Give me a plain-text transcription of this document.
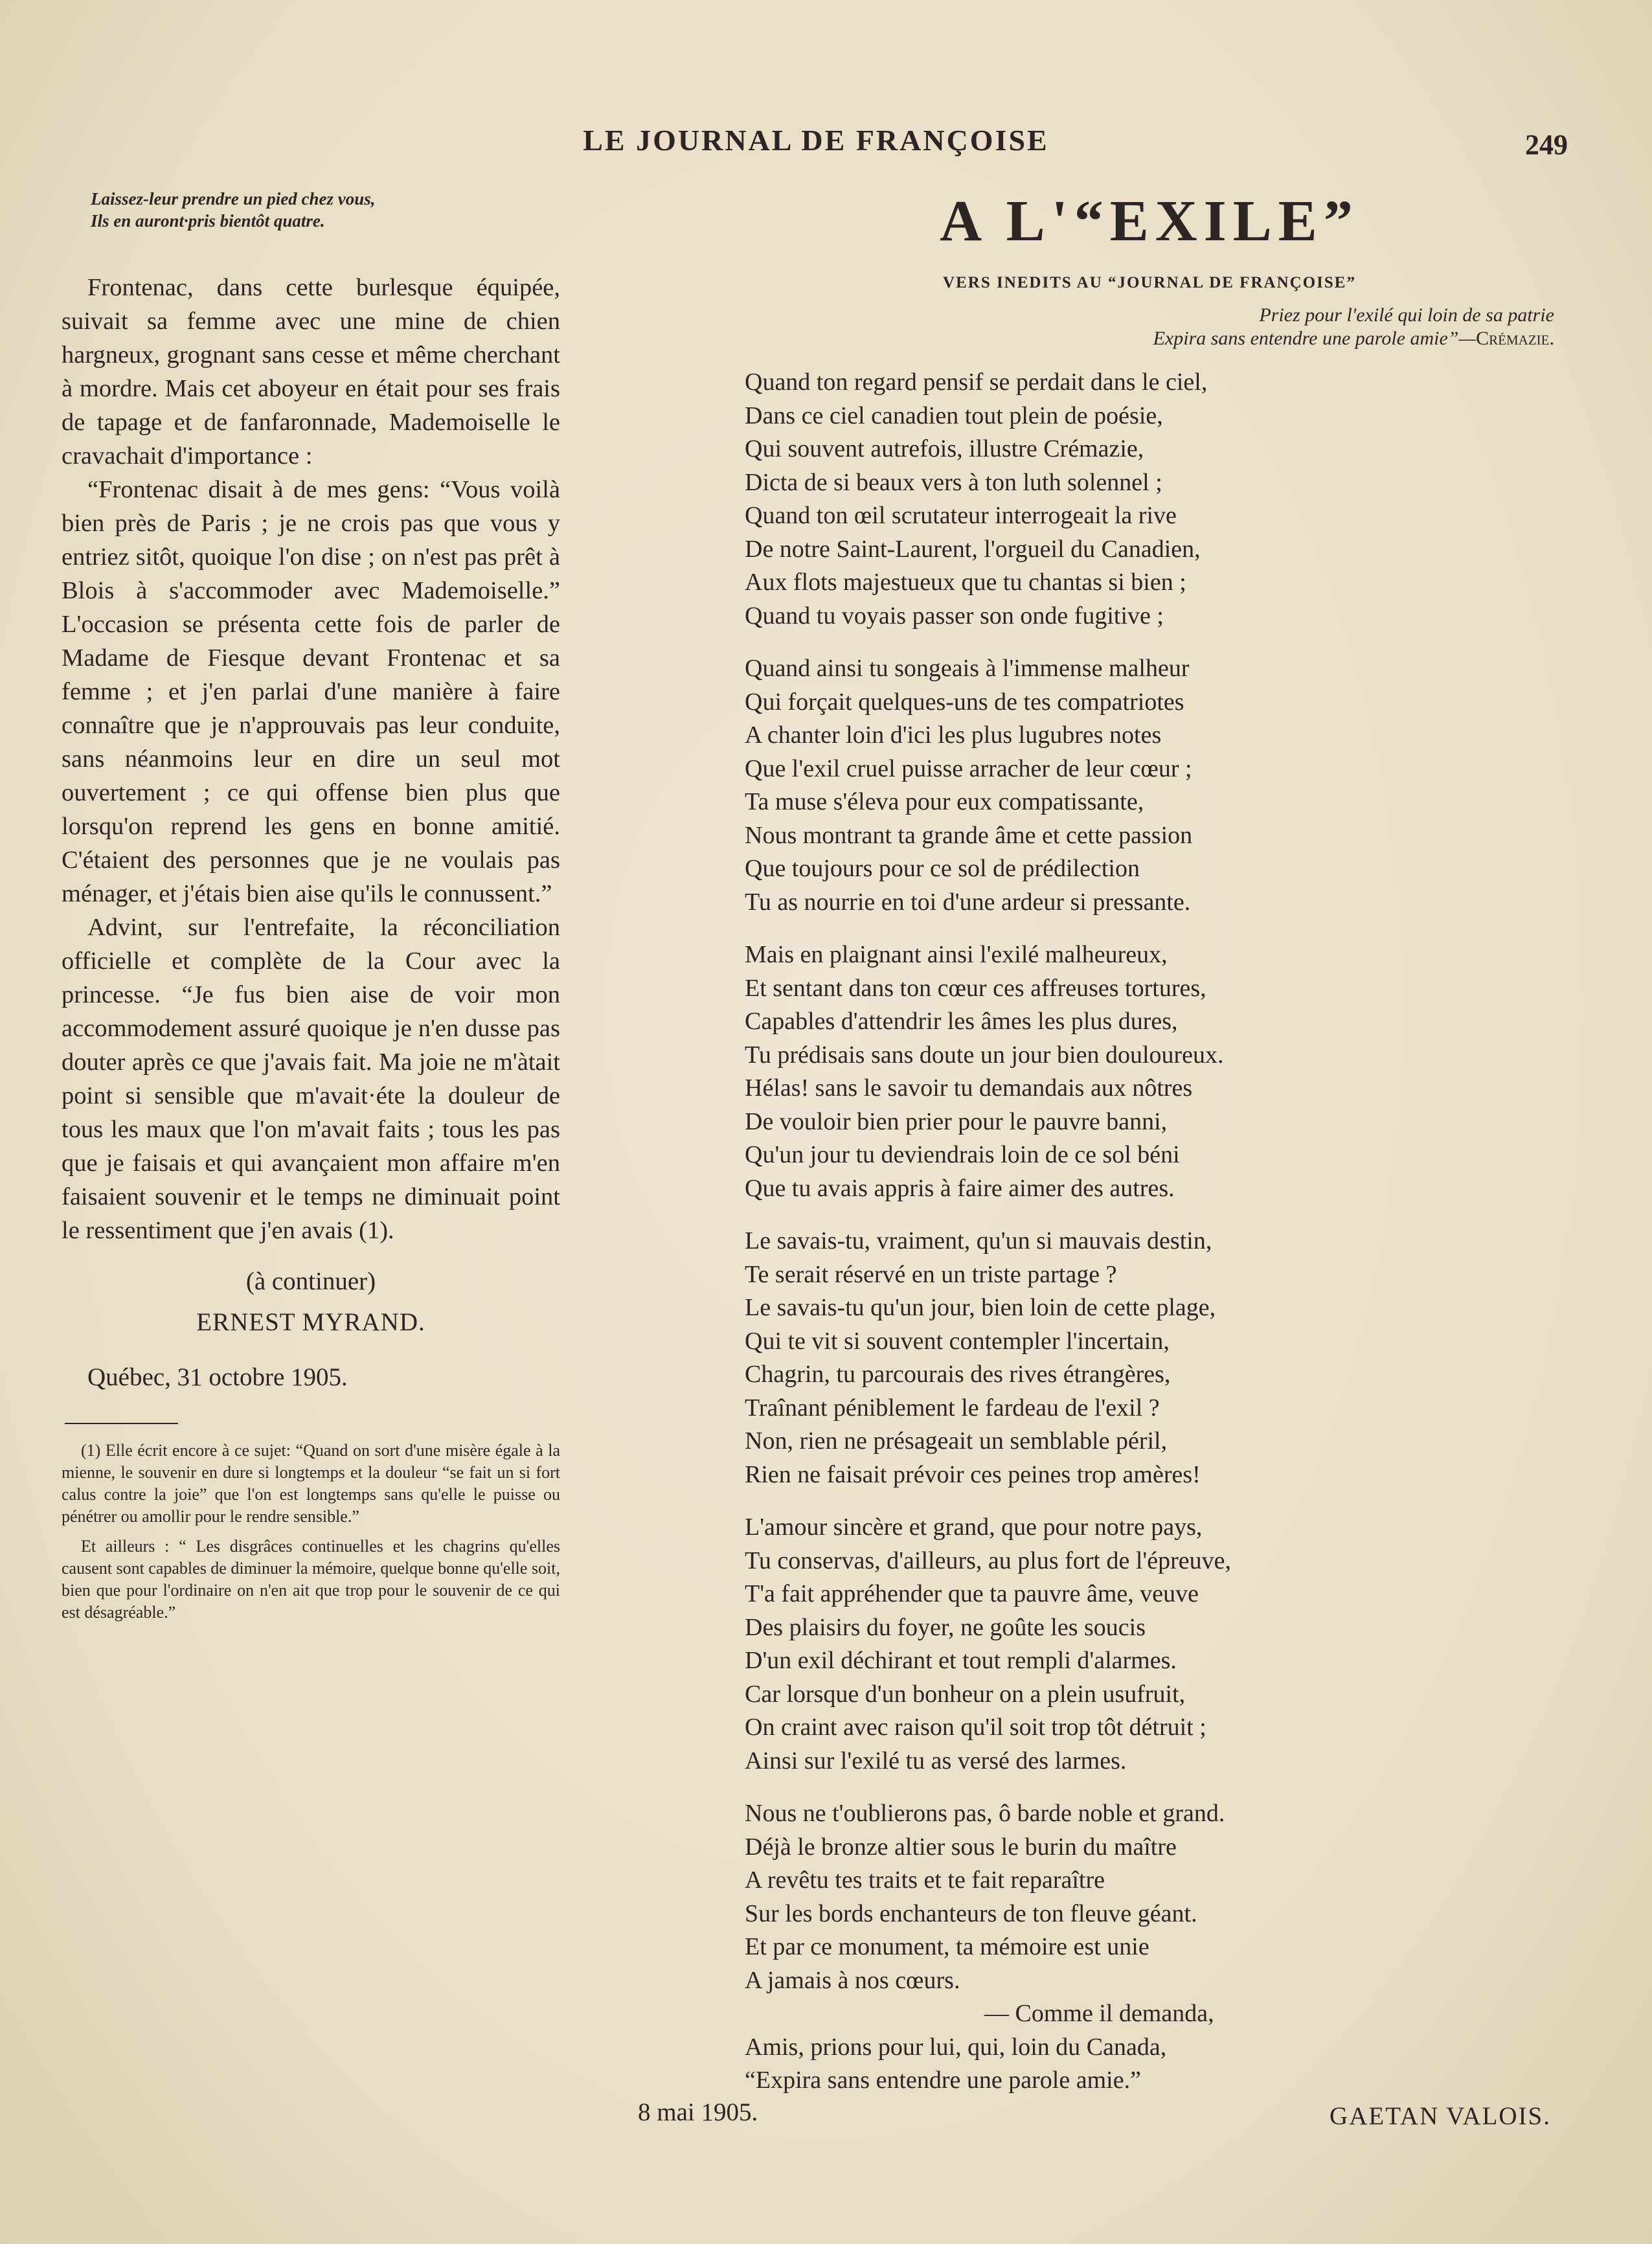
LE JOURNAL DE FRANÇOISE	249
Laissez-leur prendre un pied chez vous,
Ils en auront·pris bientôt quatre.

Frontenac, dans cette burlesque équipée, suivait sa femme avec une mine de chien hargneux, grognant sans cesse et même cherchant à mordre. Mais cet aboyeur en était pour ses frais de tapage et de fanfaronnade, Mademoiselle le cravachait d'importance :

“Frontenac disait à de mes gens: “Vous voilà bien près de Paris ; je ne crois pas que vous y entriez sitôt, quoique l'on dise ; on n'est pas prêt à Blois à s'accommoder avec Mademoiselle.” L'occasion se présenta cette fois de parler de Madame de Fiesque devant Frontenac et sa femme ; et j'en parlai d'une manière à faire connaître que je n'approuvais pas leur conduite, sans néanmoins leur en dire un seul mot ouvertement ; ce qui offense bien plus que lorsqu'on reprend les gens en bonne amitié. C'étaient des personnes que je ne voulais pas ménager, et j'étais bien aise qu'ils le connussent.”

Advint, sur l'entrefaite, la réconciliation officielle et complète de la Cour avec la princesse. “Je fus bien aise de voir mon accommodement assuré quoique je n'en dusse pas douter après ce que j'avais fait. Ma joie ne m'àtait point si sensible que m'avait·éte la douleur de tous les maux que l'on m'avait faits ; tous les pas que je faisais et qui avançaient mon affaire m'en faisaient souvenir et le temps ne diminuait point le ressentiment que j'en avais (1).

(à continuer)
ERNEST MYRAND.
Québec, 31 octobre 1905.

(1) Elle écrit encore à ce sujet: “Quand on sort d'une misère égale à la mienne, le souvenir en dure si longtemps et la douleur “se fait un si fort calus contre la joie” que l'on est longtemps sans qu'elle le puisse ou pénétrer ou amollir pour le rendre sensible.”

Et ailleurs : “ Les disgrâces continuelles et les chagrins qu'elles causent sont capables de diminuer la mémoire, quelque bonne qu'elle soit, bien que pour l'ordinaire on n'en ait que trop pour le souvenir de ce qui est désagréable.”

A L'“EXILE”
VERS INEDITS AU “JOURNAL DE FRANÇOISE”
Priez pour l'exilé qui loin de sa patrie
Expira sans entendre une parole amie”—Crémazie.
Quand ton regard pensif se perdait dans le ciel,
Dans ce ciel canadien tout plein de poésie,
Qui souvent autrefois, illustre Crémazie,
Dicta de si beaux vers à ton luth solennel ;
Quand ton œil scrutateur interrogeait la rive
De notre Saint-Laurent, l'orgueil du Canadien,
Aux flots majestueux que tu chantas si bien ;
Quand tu voyais passer son onde fugitive ;
Quand ainsi tu songeais à l'immense malheur
Qui forçait quelques-uns de tes compatriotes
A chanter loin d'ici les plus lugubres notes
Que l'exil cruel puisse arracher de leur cœur ;
Ta muse s'éleva pour eux compatissante,
Nous montrant ta grande âme et cette passion
Que toujours pour ce sol de prédilection
Tu as nourrie en toi d'une ardeur si pressante.
Mais en plaignant ainsi l'exilé malheureux,
Et sentant dans ton cœur ces affreuses tortures,
Capables d'attendrir les âmes les plus dures,
Tu prédisais sans doute un jour bien douloureux.
Hélas! sans le savoir tu demandais aux nôtres
De vouloir bien prier pour le pauvre banni,
Qu'un jour tu deviendrais loin de ce sol béni
Que tu avais appris à faire aimer des autres.
Le savais-tu, vraiment, qu'un si mauvais destin,
Te serait réservé en un triste partage ?
Le savais-tu qu'un jour, bien loin de cette plage,
Qui te vit si souvent contempler l'incertain,
Chagrin, tu parcourais des rives étrangères,
Traînant péniblement le fardeau de l'exil ?
Non, rien ne présageait un semblable péril,
Rien ne faisait prévoir ces peines trop amères!
L'amour sincère et grand, que pour notre pays,
Tu conservas, d'ailleurs, au plus fort de l'épreuve,
T'a fait appréhender que ta pauvre âme, veuve
Des plaisirs du foyer, ne goûte les soucis
D'un exil déchirant et tout rempli d'alarmes.
Car lorsque d'un bonheur on a plein usufruit,
On craint avec raison qu'il soit trop tôt détruit ;
Ainsi sur l'exilé tu as versé des larmes.
Nous ne t'oublierons pas, ô barde noble et grand.
Déjà le bronze altier sous le burin du maître
A revêtu tes traits et te fait reparaître
Sur les bords enchanteurs de ton fleuve géant.
Et par ce monument, ta mémoire est unie
A jamais à nos cœurs.
— Comme il demanda,
Amis, prions pour lui, qui, loin du Canada,
“Expira sans entendre une parole amie.”
8 mai 1905.	GAETAN VALOIS.
